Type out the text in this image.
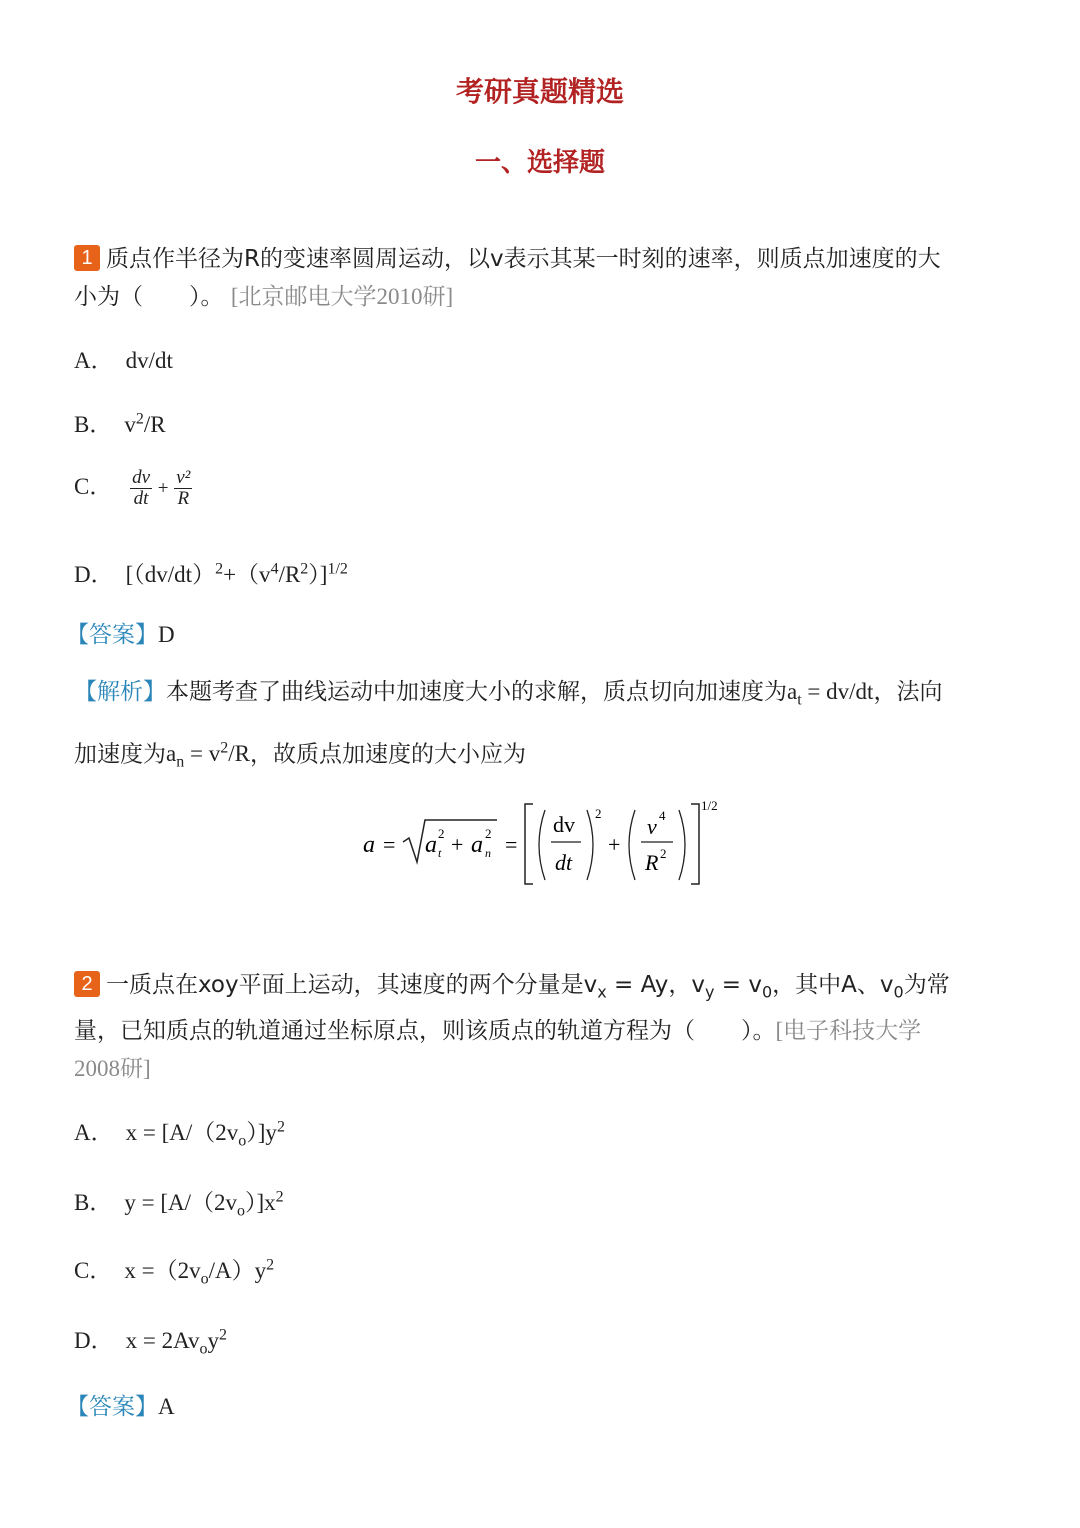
考研真题精选
一、选择题
1 质点作半径为R的变速率圆周运动，以v表示其某一时刻的速率，则质点加速度的大
小为（　　）。 [北京邮电大学2010研]
A． dv/dt
B． $v^2/R$
C． $\frac{dv}{dt} + \frac{\text{v²}}{R}$
D． $[(dv/dt)^2+(v^4/R^2)]^{1/2}$
【答案】D
【解析】本题考查了曲线运动中加速度大小的求解，质点切向加速度为$a_t = dv/dt$，法向
加速度为$a_n = v^2/R$，故质点加速度的大小应为
a = a 2
t + a 2
n =
dv
dt
2
+
v 4
R 2
1/2
2 一质点在xoy平面上运动，其速度的两个分量是$v_x = Ay$，$v_y = v_0$，其中A、$v_0$为常
量，已知质点的轨道通过坐标原点，则该质点的轨道方程为（　　）。[电子科技大学
2008研]
A． $x = [A/(2v_o)]y^2$
B． $y = [A/(2v_o)]x^2$
C． $x =(2v_o/A)y^2$
D． $x = 2Av_oy^2$
【答案】A
